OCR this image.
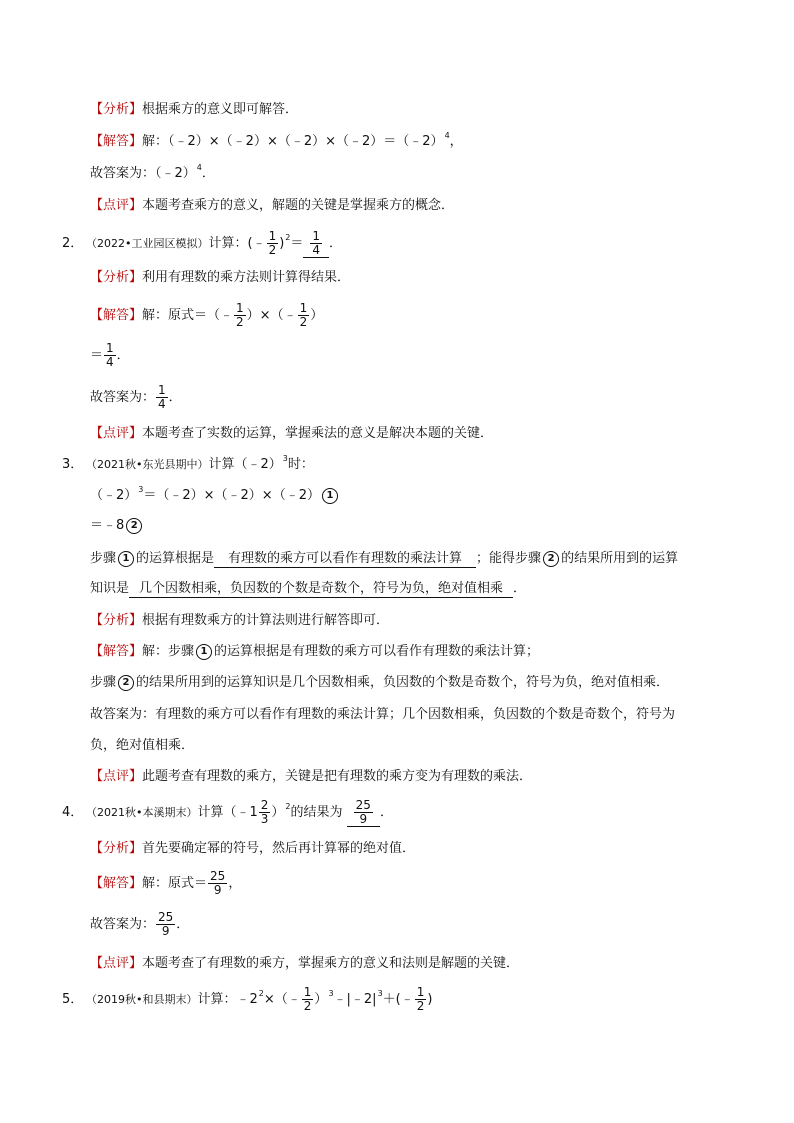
【分析】根据乘方的意义即可解答．
【解答】解：（﹣2）×（﹣2）×（﹣2）×（﹣2）＝（﹣2）$^4$，
故答案为：（﹣2）$^4$．
【点评】本题考查乘方的意义，解题的关键是掌握乘方的概念．
2． （2022•工业园区模拟）计算：(﹣ $\frac{1}{2} )^2= \frac{1}{4}$ ．
【分析】利用有理数的乘方法则计算得结果．
【解答】解：原式＝（﹣ $\frac{1}{2}$ ）×（﹣ $\frac{1}{2}$ ）
＝ $\frac{1}{4}$ ．
故答案为： $\frac{1}{4}$ ．
【点评】本题考查了实数的运算，掌握乘法的意义是解决本题的关键．
3． （2021秋•东光县期中）计算（﹣2）$^3$时：
（﹣2）$^3$＝（﹣2）×（﹣2）×（﹣2） 1
＝﹣8 2
步骤 1 的运算根据是 有理数的乘方可以看作有理数的乘法计算 ；能得步骤 2 的结果所用到的运算
知识是 几个因数相乘，负因数的个数是奇数个，符号为负，绝对值相乘 ．
【分析】根据有理数乘方的计算法则进行解答即可．
【解答】解：步骤 1 的运算根据是有理数的乘方可以看作有理数的乘法计算；
步骤 2 的结果所用到的运算知识是几个因数相乘，负因数的个数是奇数个，符号为负，绝对值相乘．
故答案为：有理数的乘方可以看作有理数的乘法计算；几个因数相乘，负因数的个数是奇数个，符号为
负，绝对值相乘．
【点评】此题考查有理数的乘方，关键是把有理数的乘方变为有理数的乘法．
4． （2021秋•本溪期末）计算（﹣1 $\frac{2}{3} )^2$的结果为 $\frac{25}{9}$ ．
【分析】首先要确定幂的符号，然后再计算幂的绝对值．
【解答】解：原式＝ $\frac{25}{9}$ ，
故答案为： $\frac{25}{9}$ ．
【点评】本题考查了有理数的乘方，掌握乘方的意义和法则是解题的关键．
5． （2019秋•和县期末）计算：$﹣2^2\times(﹣ \frac{1}{2}$ ）$^3﹣|﹣2|^3+(﹣ \frac{1}{2}$ )
